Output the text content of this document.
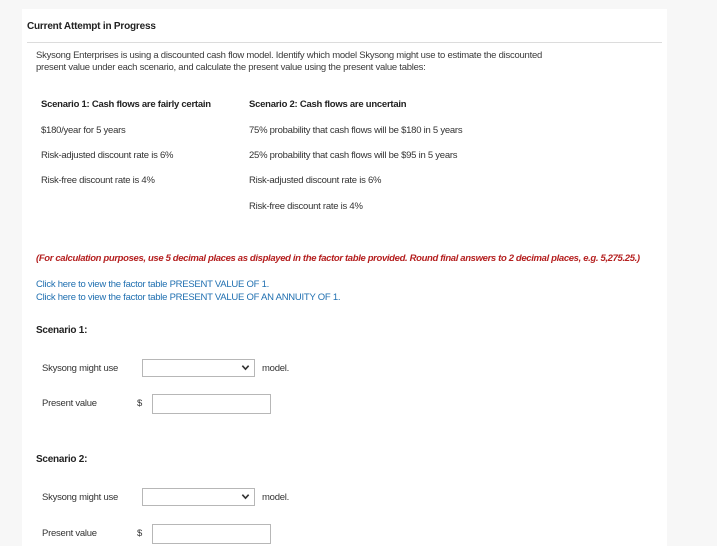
Current Attempt in Progress
Skysong Enterprises is using a discounted cash flow model. Identify which model Skysong might use to estimate the discounted
present value under each scenario, and calculate the present value using the present value tables:
Scenario 1: Cash flows are fairly certain
$180/year for 5 years
Risk-adjusted discount rate is 6%
Risk-free discount rate is 4%
Scenario 2: Cash flows are uncertain
75% probability that cash flows will be $180 in 5 years
25% probability that cash flows will be $95 in 5 years
Risk-adjusted discount rate is 6%
Risk-free discount rate is 4%
(For calculation purposes, use 5 decimal places as displayed in the factor table provided. Round final answers to 2 decimal places, e.g. 5,275.25.)
Click here to view the factor table PRESENT VALUE OF 1.
Click here to view the factor table PRESENT VALUE OF AN ANNUITY OF 1.
Scenario 1:
Skysong might use	model.
Present value	$
Scenario 2:
Skysong might use	model.
Present value	$
